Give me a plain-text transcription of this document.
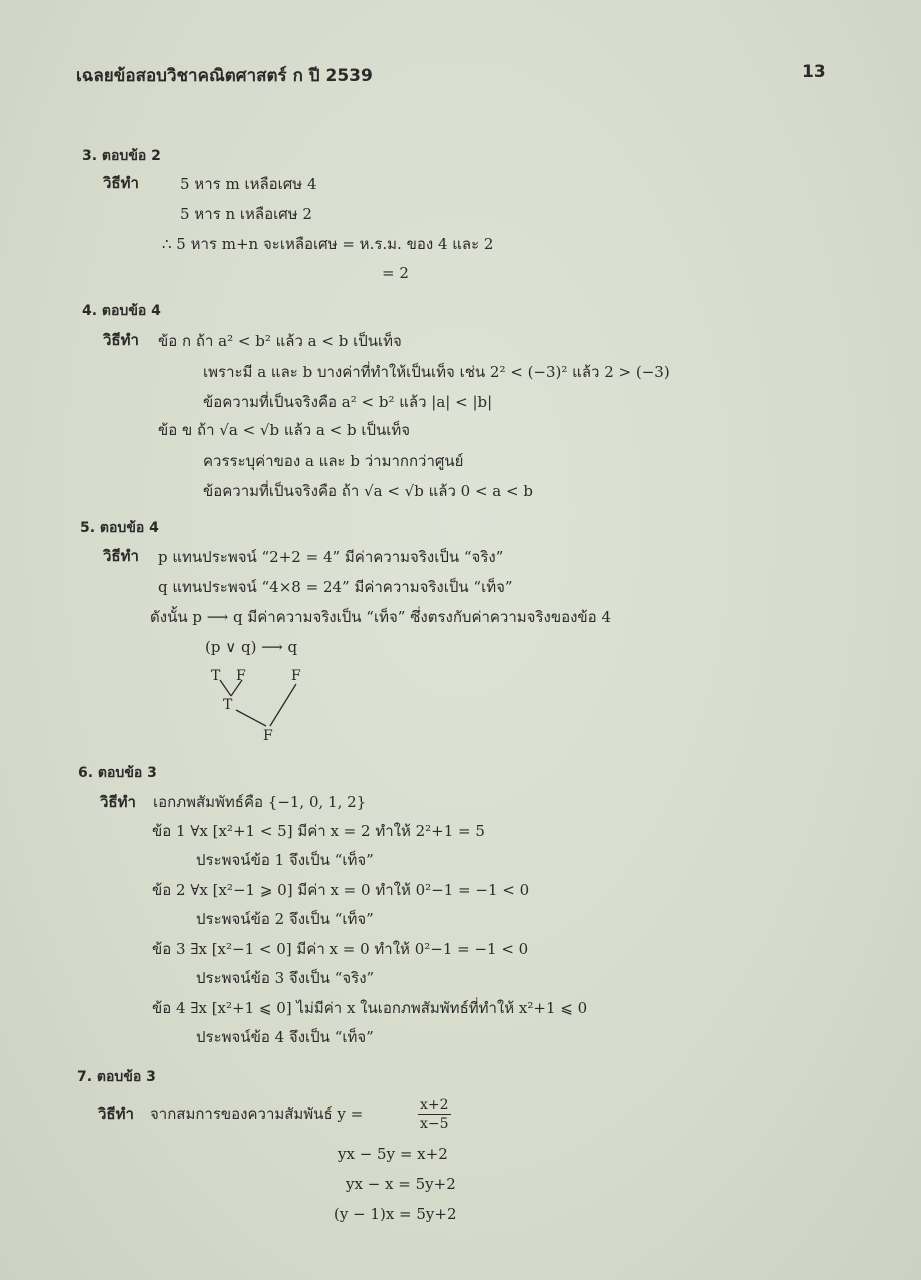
เฉลยข้อสอบวิชาคณิตศาสตร์ ก ปี 2539	13
3. ตอบข้อ 2
วิธีทำ	5 หาร m เหลือเศษ 4
5 หาร n เหลือเศษ 2
∴ 5 หาร m+n จะเหลือเศษ = ห.ร.ม. ของ 4 และ 2
= 2
4. ตอบข้อ 4
วิธีทำ ข้อ ก ถ้า a² < b² แล้ว a < b เป็นเท็จ
เพราะมี a และ b บางค่าที่ทำให้เป็นเท็จ เช่น 2² < (−3)² แล้ว 2 > (−3)
ข้อความที่เป็นจริงคือ a² < b² แล้ว |a| < |b|
ข้อ ข ถ้า √a < √b แล้ว a < b เป็นเท็จ
ควรระบุค่าของ a และ b ว่ามากกว่าศูนย์
ข้อความที่เป็นจริงคือ ถ้า √a < √b แล้ว 0 < a < b
5. ตอบข้อ 4
วิธีทำ p แทนประพจน์ “2+2 = 4” มีค่าความจริงเป็น “จริง”
q แทนประพจน์ “4×8 = 24” มีค่าความจริงเป็น “เท็จ”
ดังนั้น p ⟶ q มีค่าความจริงเป็น “เท็จ” ซึ่งตรงกับค่าความจริงของข้อ 4
(p ∨ q) ⟶ q
T F	F
T
F
6. ตอบข้อ 3
วิธีทำ เอกภพสัมพัทธ์คือ {−1, 0, 1, 2}
ข้อ 1 ∀x [x²+1 < 5] มีค่า x = 2 ทำให้ 2²+1 = 5
ประพจน์ข้อ 1 จึงเป็น “เท็จ”
ข้อ 2 ∀x [x²−1 ⩾ 0] มีค่า x = 0 ทำให้ 0²−1 = −1 < 0
ประพจน์ข้อ 2 จึงเป็น “เท็จ”
ข้อ 3 ∃x [x²−1 < 0] มีค่า x = 0 ทำให้ 0²−1 = −1 < 0
ประพจน์ข้อ 3 จึงเป็น “จริง”
ข้อ 4 ∃x [x²+1 ⩽ 0] ไม่มีค่า x ในเอกภพสัมพัทธ์ที่ทำให้ x²+1 ⩽ 0
ประพจน์ข้อ 4 จึงเป็น “เท็จ”
7. ตอบข้อ 3
วิธีทำ จากสมการของความสัมพันธ์ y =	$\frac{x+2}{x-5}$
yx − 5y = x+2
yx − x = 5y+2
(y − 1)x = 5y+2
